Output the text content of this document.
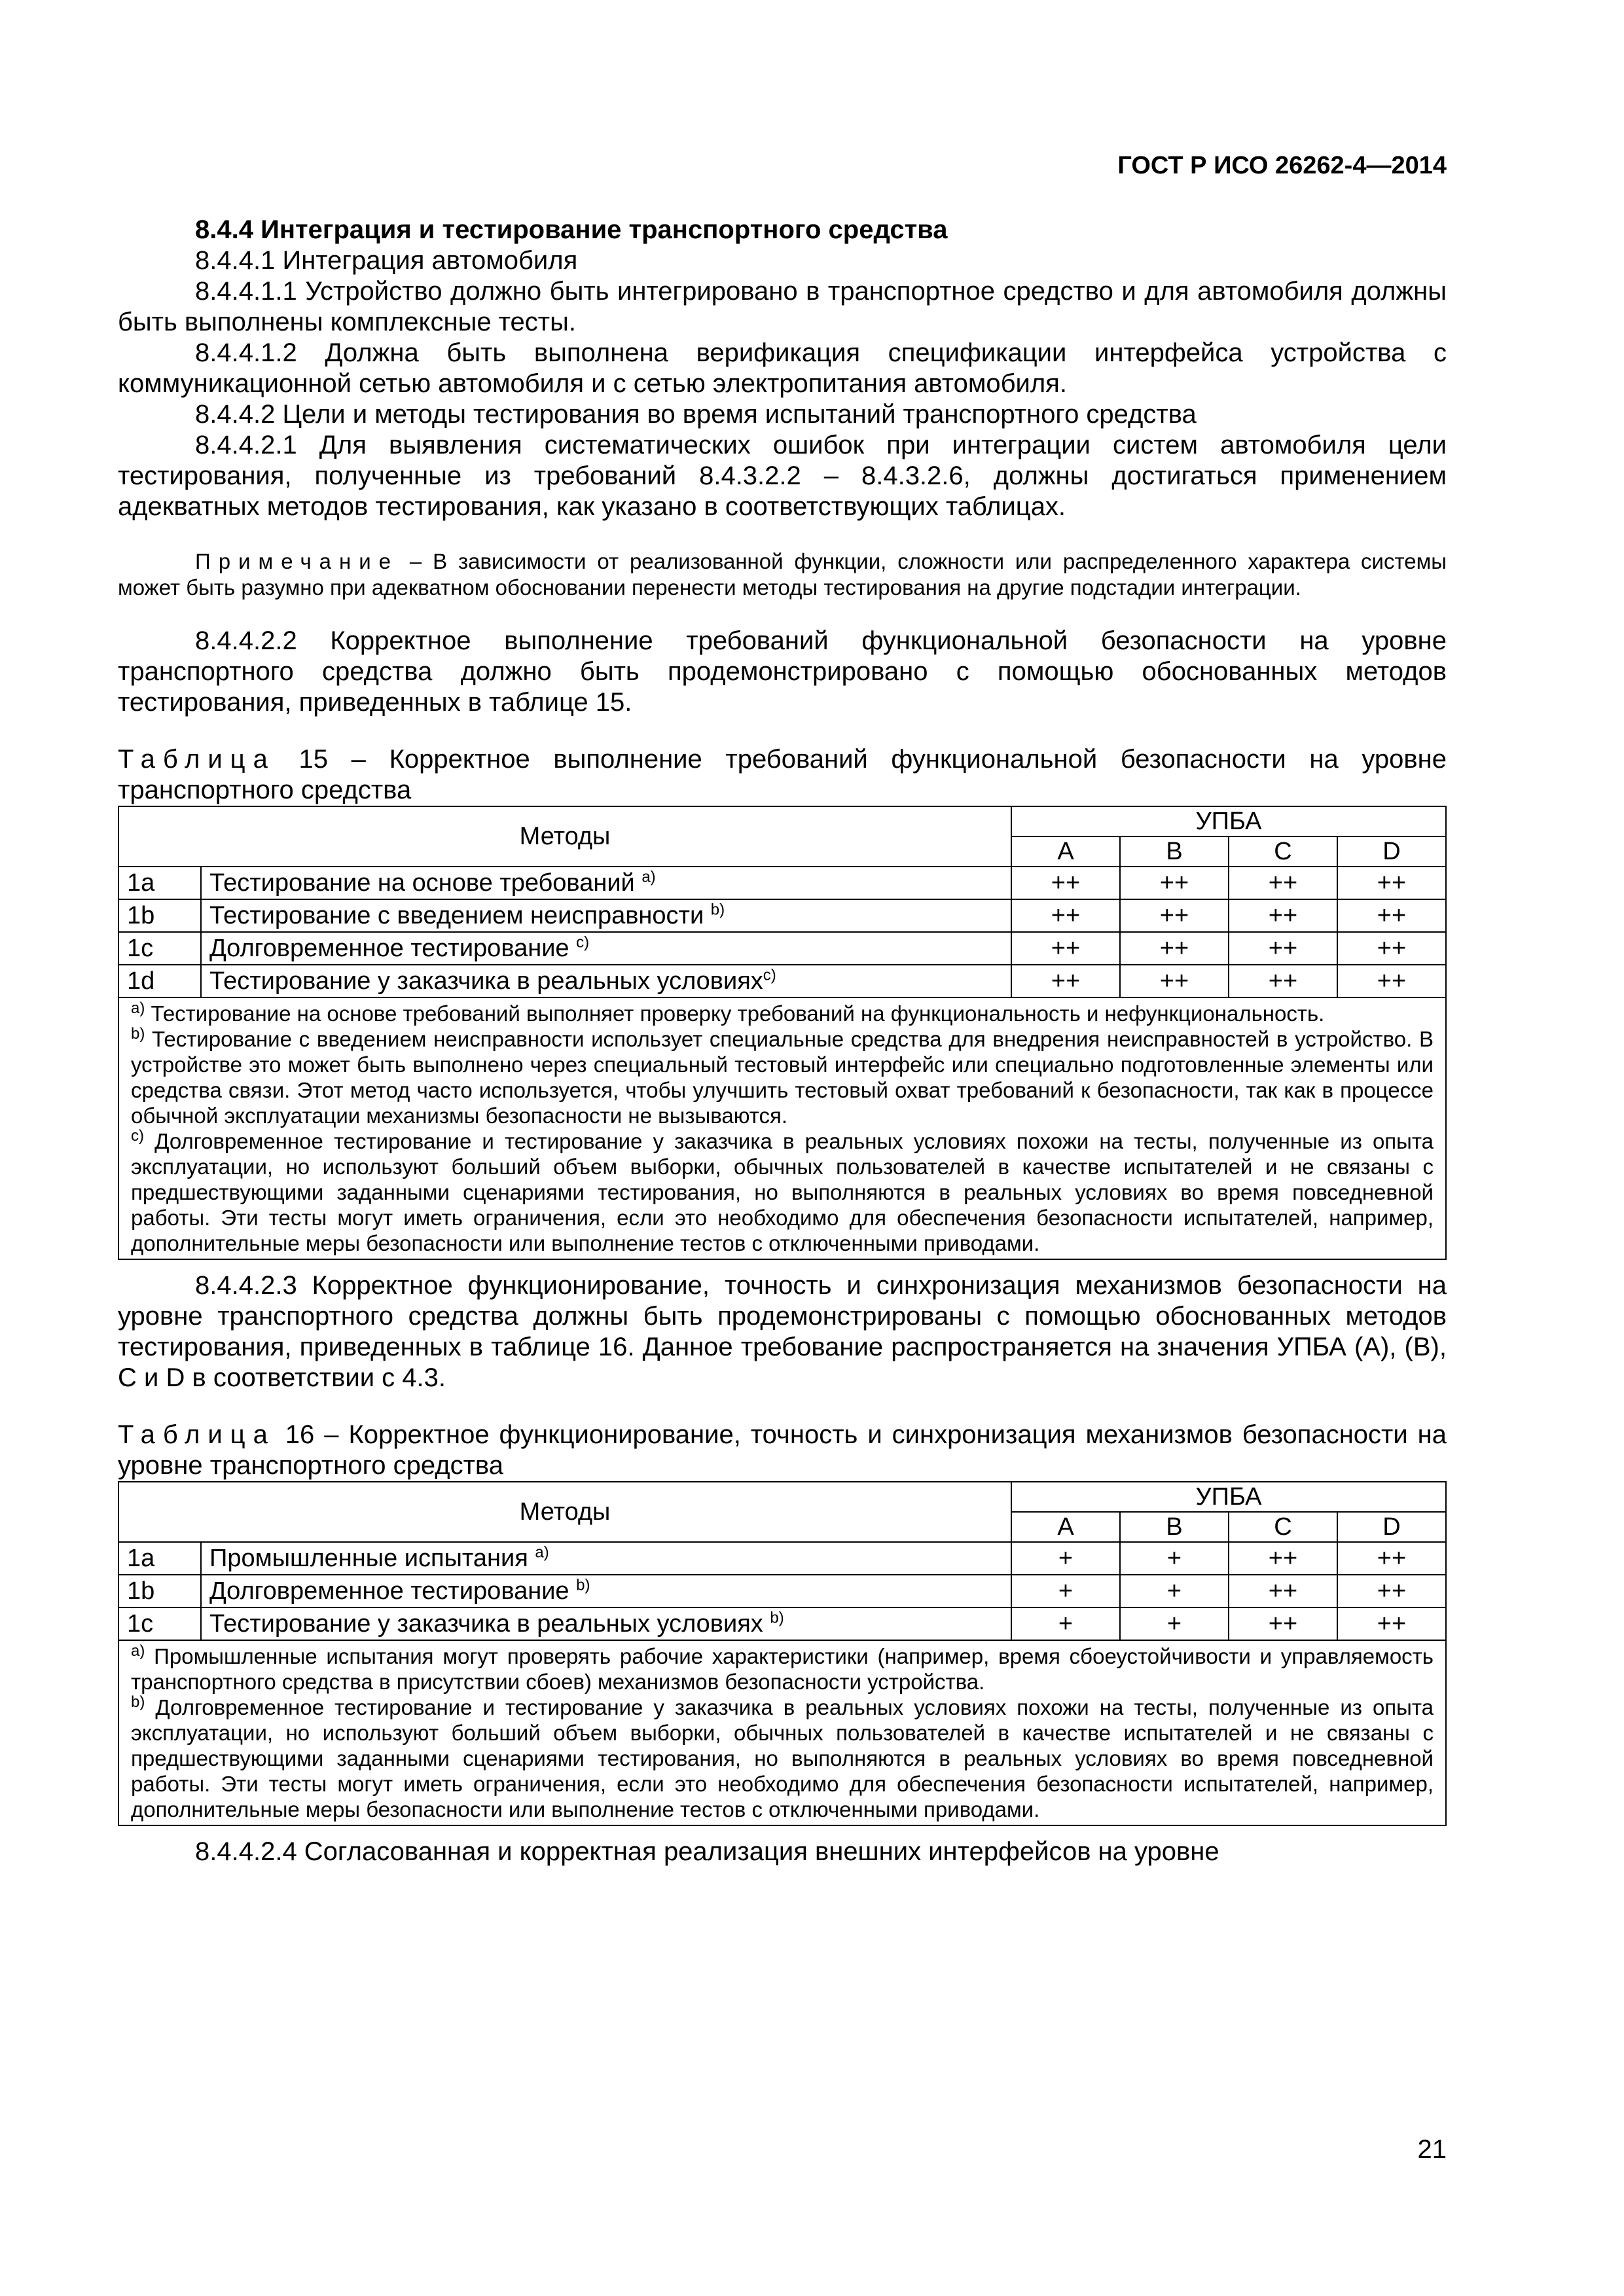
ГОСТ Р ИСО 26262-4—2014

8.4.4 Интеграция и тестирование транспортного средства

8.4.4.1 Интеграция автомобиля

8.4.4.1.1 Устройство должно быть интегрировано в транспортное средство и для автомобиля должны быть выполнены комплексные тесты.

8.4.4.1.2 Должна быть выполнена верификация спецификации интерфейса устройства с коммуникационной сетью автомобиля и с сетью электропитания автомобиля.

8.4.4.2 Цели и методы тестирования во время испытаний транспортного средства

8.4.4.2.1 Для выявления систематических ошибок при интеграции систем автомобиля цели тестирования, полученные из требований 8.4.3.2.2 – 8.4.3.2.6, должны достигаться применением адекватных методов тестирования, как указано в соответствующих таблицах.

Примечание – В зависимости от реализованной функции, сложности или распределенного характера системы может быть разумно при адекватном обосновании перенести методы тестирования на другие подстадии интеграции.

8.4.4.2.2 Корректное выполнение требований функциональной безопасности на уровне транспортного средства должно быть продемонстрировано с помощью обоснованных методов тестирования, приведенных в таблице 15.

Таблица 15 – Корректное выполнение требований функциональной безопасности на уровне транспортного средства

Методы		УПБА			
		A	B	C	D
1a	Тестирование на основе требований $^{a)}$	++	++	++	++
1b	Тестирование с введением неисправности $^{b)}$	++	++	++	++
1c	Долговременное тестирование $^{c)}$	++	++	++	++
1d	Тестирование у заказчика в реальных условиях$^{c)}$	++	++	++	++

$^{a)}$ Тестирование на основе требований выполняет проверку требований на функциональность и нефункциональность.
$^{b)}$ Тестирование с введением неисправности использует специальные средства для внедрения неисправностей в устройство. В устройстве это может быть выполнено через специальный тестовый интерфейс или специально подготовленные элементы или средства связи. Этот метод часто используется, чтобы улучшить тестовый охват требований к безопасности, так как в процессе обычной эксплуатации механизмы безопасности не вызываются.
$^{c)}$ Долговременное тестирование и тестирование у заказчика в реальных условиях похожи на тесты, полученные из опыта эксплуатации, но используют больший объем выборки, обычных пользователей в качестве испытателей и не связаны с предшествующими заданными сценариями тестирования, но выполняются в реальных условиях во время повседневной работы. Эти тесты могут иметь ограничения, если это необходимо для обеспечения безопасности испытателей, например, дополнительные меры безопасности или выполнение тестов с отключенными приводами.					

8.4.4.2.3 Корректное функционирование, точность и синхронизация механизмов безопасности на уровне транспортного средства должны быть продемонстрированы с помощью обоснованных методов тестирования, приведенных в таблице 16. Данное требование распространяется на значения УПБА (А), (В), С и D в соответствии с 4.3.

Таблица 16 – Корректное функционирование, точность и синхронизация механизмов безопасности на уровне транспортного средства

Методы		УПБА			
		A	B	C	D
1a	Промышленные испытания $^{a)}$	+	+	++	++
1b	Долговременное тестирование $^{b)}$	+	+	++	++
1c	Тестирование у заказчика в реальных условиях $^{b)}$	+	+	++	++

$^{a)}$ Промышленные испытания могут проверять рабочие характеристики (например, время сбоеустойчивости и управляемость транспортного средства в присутствии сбоев) механизмов безопасности устройства.
$^{b)}$ Долговременное тестирование и тестирование у заказчика в реальных условиях похожи на тесты, полученные из опыта эксплуатации, но используют больший объем выборки, обычных пользователей в качестве испытателей и не связаны с предшествующими заданными сценариями тестирования, но выполняются в реальных условиях во время повседневной работы. Эти тесты могут иметь ограничения, если это необходимо для обеспечения безопасности испытателей, например, дополнительные меры безопасности или выполнение тестов с отключенными приводами.					

8.4.4.2.4 Согласованная и корректная реализация внешних интерфейсов на уровне

21
